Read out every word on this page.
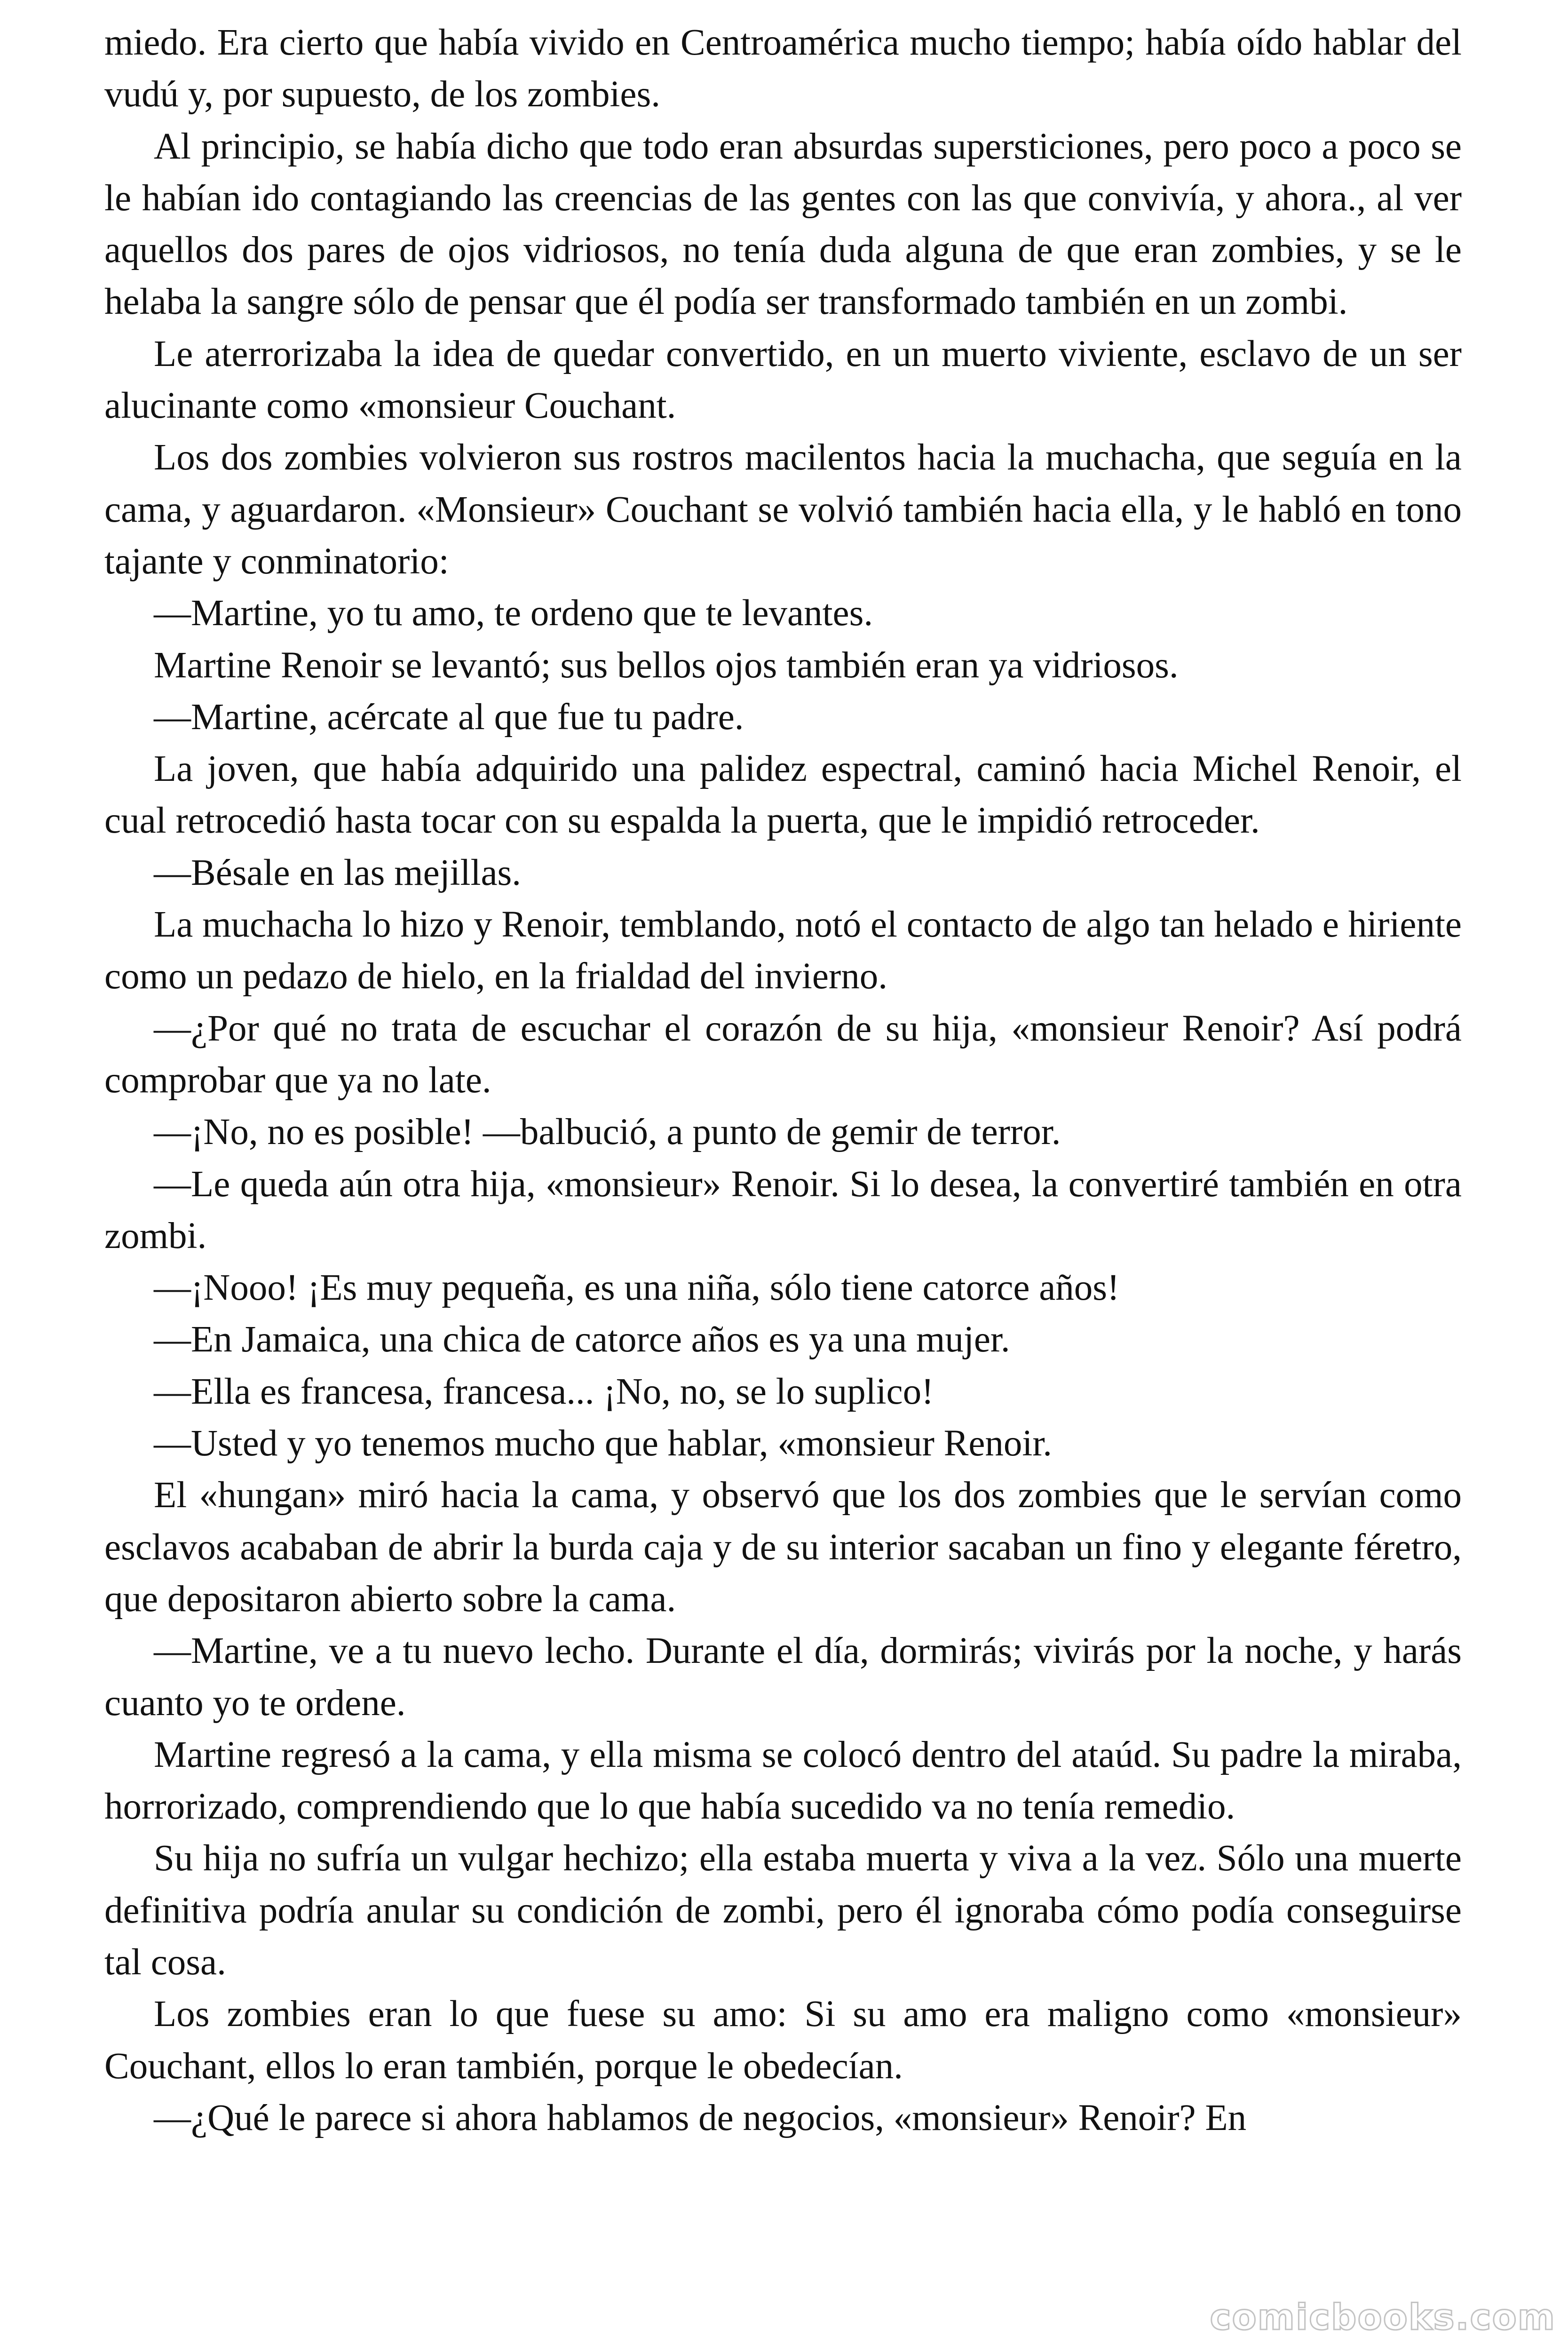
miedo. Era cierto que había vivido en Centroamérica mucho tiempo; había oído hablar del vudú y, por supuesto, de los zombies.

Al principio, se había dicho que todo eran absurdas supersticiones, pero poco a poco se le habían ido contagiando las creencias de las gentes con las que convivía, y ahora., al ver aquellos dos pares de ojos vidriosos, no tenía duda alguna de que eran zombies, y se le helaba la sangre sólo de pensar que él podía ser transformado también en un zombi.

Le aterrorizaba la idea de quedar convertido, en un muerto viviente, esclavo de un ser alucinante como «monsieur Couchant.

Los dos zombies volvieron sus rostros macilentos hacia la muchacha, que seguía en la cama, y aguardaron. «Monsieur» Couchant se volvió también hacia ella, y le habló en tono tajante y conminatorio:

—Martine, yo tu amo, te ordeno que te levantes.

Martine Renoir se levantó; sus bellos ojos también eran ya vidriosos.

—Martine, acércate al que fue tu padre.

La joven, que había adquirido una palidez espectral, caminó hacia Michel Renoir, el cual retrocedió hasta tocar con su espalda la puerta, que le impidió retroceder.

—Bésale en las mejillas.

La muchacha lo hizo y Renoir, temblando, notó el contacto de algo tan helado e hiriente como un pedazo de hielo, en la frialdad del invierno.

—¿Por qué no trata de escuchar el corazón de su hija, «monsieur Renoir? Así podrá comprobar que ya no late.

—¡No, no es posible! —balbució, a punto de gemir de terror.

—Le queda aún otra hija, «monsieur» Renoir. Si lo desea, la convertiré también en otra zombi.

—¡Nooo! ¡Es muy pequeña, es una niña, sólo tiene catorce años!

—En Jamaica, una chica de catorce años es ya una mujer.

—Ella es francesa, francesa... ¡No, no, se lo suplico!

—Usted y yo tenemos mucho que hablar, «monsieur Renoir.

El «hungan» miró hacia la cama, y observó que los dos zombies que le servían como esclavos acababan de abrir la burda caja y de su interior sacaban un fino y elegante féretro, que depositaron abierto sobre la cama.

—Martine, ve a tu nuevo lecho. Durante el día, dormirás; vivirás por la noche, y harás cuanto yo te ordene.

Martine regresó a la cama, y ella misma se colocó dentro del ataúd. Su padre la miraba, horrorizado, comprendiendo que lo que había sucedido va no tenía remedio.

Su hija no sufría un vulgar hechizo; ella estaba muerta y viva a la vez. Sólo una muerte definitiva podría anular su condición de zombi, pero él ignoraba cómo podía conseguirse tal cosa.

Los zombies eran lo que fuese su amo: Si su amo era maligno como «monsieur» Couchant, ellos lo eran también, porque le obedecían.

—¿Qué le parece si ahora hablamos de negocios, «monsieur» Renoir? En

comicbooks.com
